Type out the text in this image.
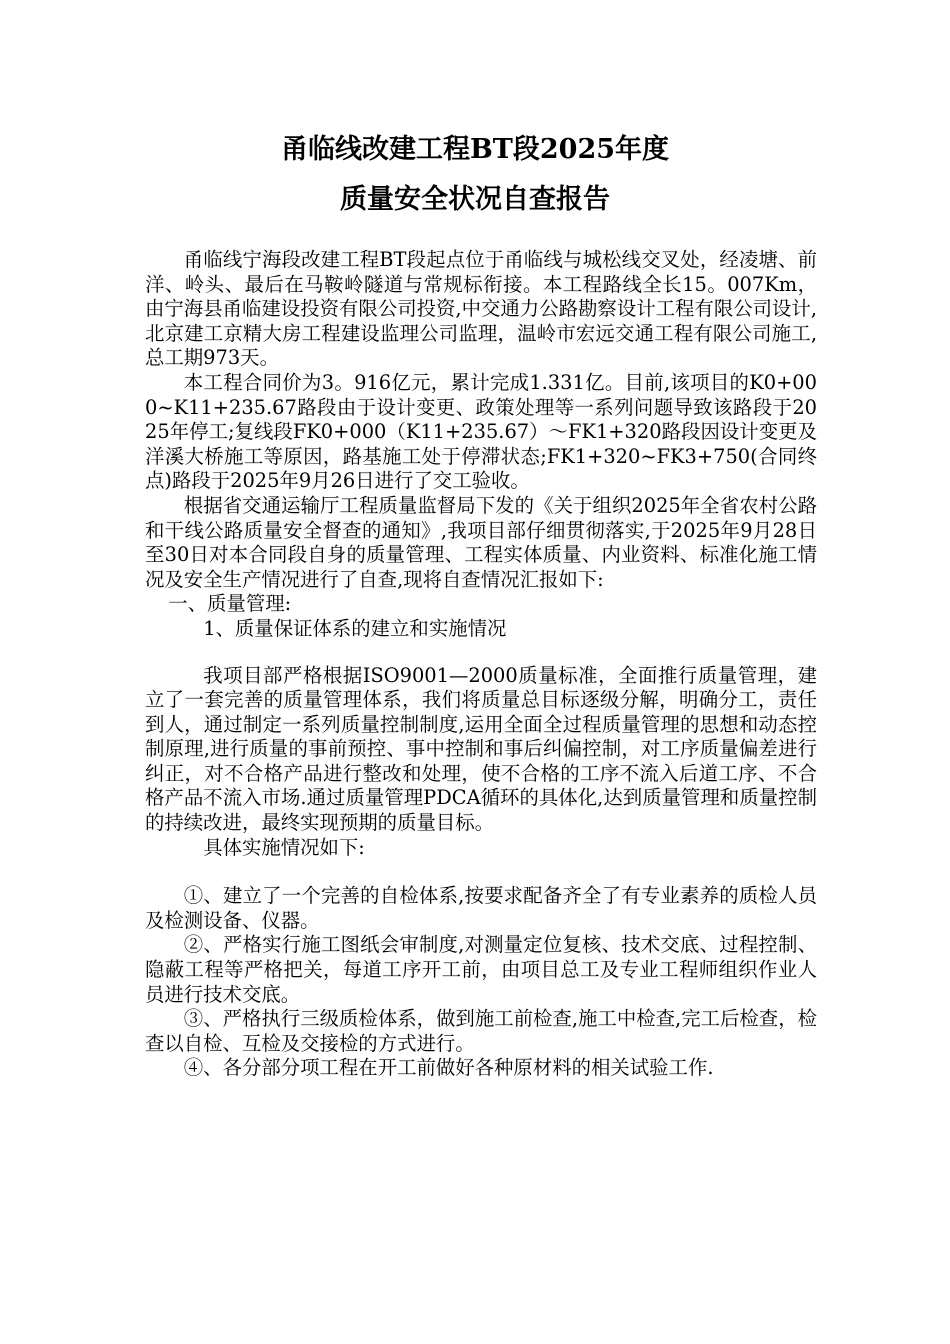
甬临线改建工程BT段2025年度
质量安全状况自查报告

甬临线宁海段改建工程BT段起点位于甬临线与城松线交叉处，经凌塘、前洋、岭头、最后在马鞍岭隧道与常规标衔接。本工程路线全长15。007Km，由宁海县甬临建设投资有限公司投资,中交通力公路勘察设计工程有限公司设计,北京建工京精大房工程建设监理公司监理，温岭市宏远交通工程有限公司施工,总工期973天。

本工程合同价为3。916亿元，累计完成1.331亿。目前,该项目的K0+000~K11+235.67路段由于设计变更、政策处理等一系列问题导致该路段于2025年停工;复线段FK0+000（K11+235.67）～FK1+320路段因设计变更及洋溪大桥施工等原因，路基施工处于停滞状态;FK1+320~FK3+750(合同终点)路段于2025年9月26日进行了交工验收。

根据省交通运输厅工程质量监督局下发的《关于组织2025年全省农村公路和干线公路质量安全督查的通知》,我项目部仔细贯彻落实,于2025年9月28日至30日对本合同段自身的质量管理、工程实体质量、内业资料、标准化施工情况及安全生产情况进行了自查,现将自查情况汇报如下:

一、质量管理:

1、质量保证体系的建立和实施情况

我项目部严格根据ISO9001—2000质量标准，全面推行质量管理，建立了一套完善的质量管理体系，我们将质量总目标逐级分解，明确分工，责任到人，通过制定一系列质量控制制度,运用全面全过程质量管理的思想和动态控制原理,进行质量的事前预控、事中控制和事后纠偏控制，对工序质量偏差进行纠正，对不合格产品进行整改和处理，使不合格的工序不流入后道工序、不合格产品不流入市场.通过质量管理PDCA循环的具体化,达到质量管理和质量控制的持续改进，最终实现预期的质量目标。

具体实施情况如下:

①、建立了一个完善的自检体系,按要求配备齐全了有专业素养的质检人员及检测设备、仪器。

②、严格实行施工图纸会审制度,对测量定位复核、技术交底、过程控制、隐蔽工程等严格把关，每道工序开工前，由项目总工及专业工程师组织作业人员进行技术交底。

③、严格执行三级质检体系，做到施工前检查,施工中检查,完工后检查，检查以自检、互检及交接检的方式进行。

④、各分部分项工程在开工前做好各种原材料的相关试验工作.
